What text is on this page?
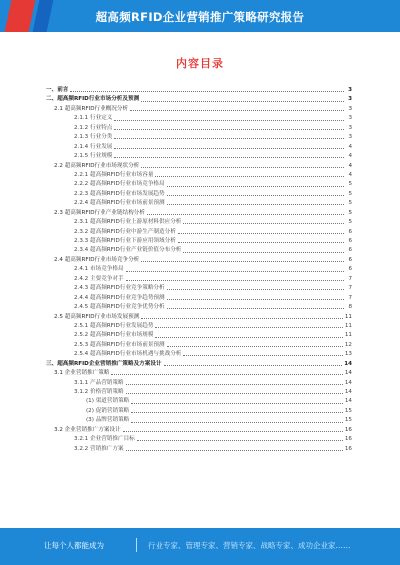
超高频RFID企业营销推广策略研究报告
内容目录
一、前言	3
二、超高频RFID行业市场分析及预测	3
2.1 超高频RFID行业概况分析	3
2.1.1 行业定义	3
2.1.2 行业特点	3
2.1.3 行业分类	3
2.1.4 行业发展	4
2.1.5 行业规模	4
2.2 超高频RFID行业市场现状分析	4
2.2.1 超高频RFID行业市场容量	4
2.2.2 超高频RFID行业市场竞争格局	5
2.2.3 超高频RFID行业市场发展趋势	5
2.2.4 超高频RFID行业市场前景预测	5
2.3 超高频RFID行业产业链结构分析	5
2.3.1 超高频RFID行业上游原材料供应分析	5
2.3.2 超高频RFID行业中游生产制造分析	6
2.3.3 超高频RFID行业下游应用领域分析	6
2.3.4 超高频RFID行业产业链价值分布分析	6
2.4 超高频RFID行业市场竞争分析	6
2.4.1 市场竞争格局	6
2.4.2 主要竞争对手	7
2.4.3 超高频RFID行业竞争策略分析	7
2.4.4 超高频RFID行业竞争趋势预测	7
2.4.5 超高频RFID行业竞争优势分析	8
2.5 超高频RFID行业市场发展预测	11
2.5.1 超高频RFID行业发展趋势	11
2.5.2 超高频RFID行业市场规模	11
2.5.3 超高频RFID行业市场前景预测	12
2.5.4 超高频RFID行业市场机遇与挑战分析	13
三、超高频RFID企业营销推广策略及方案设计	14
3.1 企业营销推广策略	14
3.1.1 产品营销策略	14
3.1.2 价格营销策略	14
(1) 渠道营销策略	14
(2) 促销营销策略	15
(3) 品牌营销策略	15
3.2 企业营销推广方案设计	16
3.2.1 企业营销推广目标	16
3.2.2 营销推广方案	16
让每个人都能成为	行业专家、管理专家、营销专家、战略专家、成功企业家……
